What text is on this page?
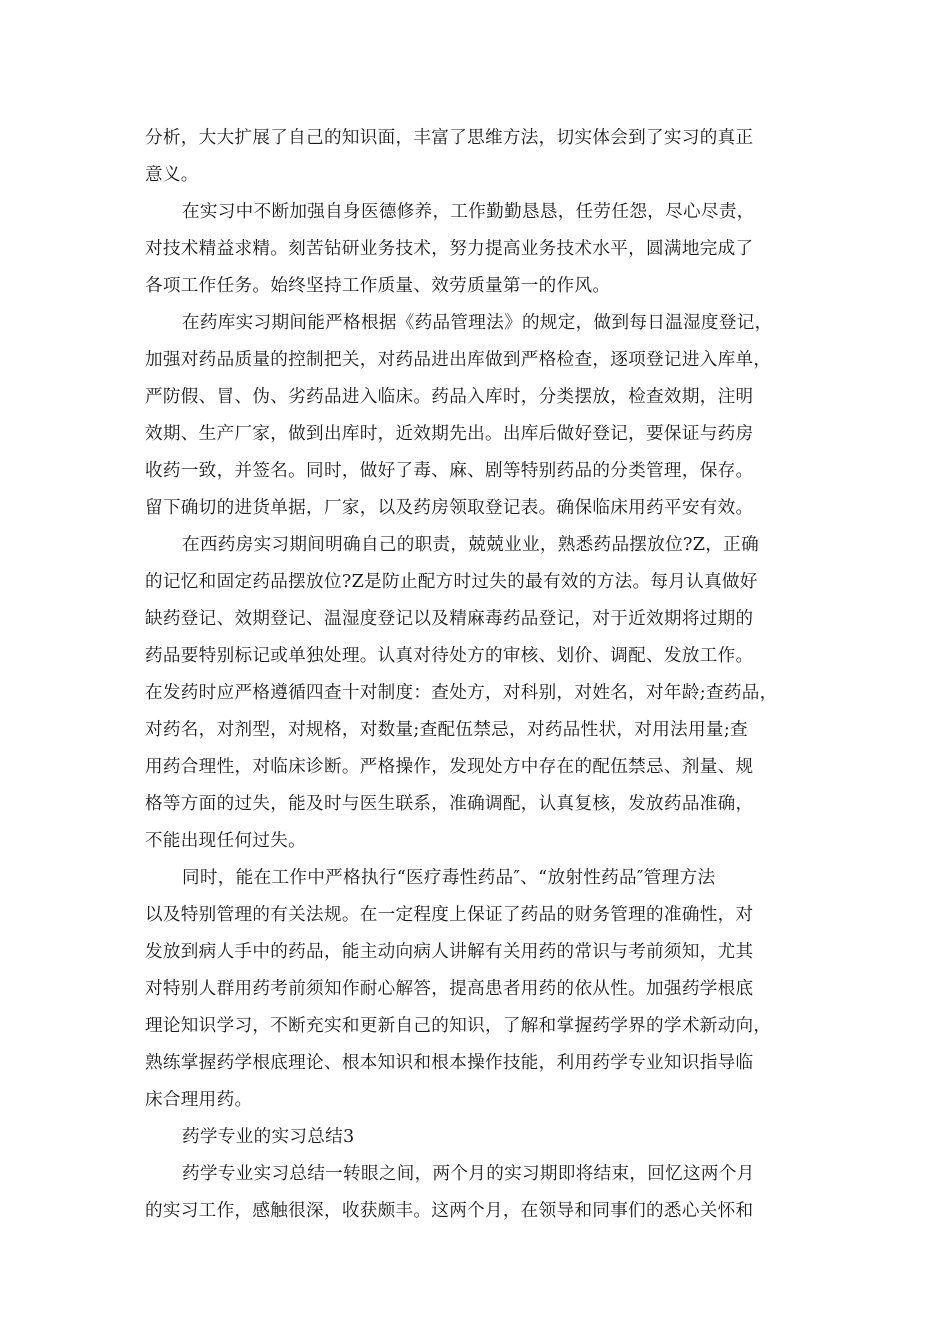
分析，大大扩展了自己的知识面，丰富了思维方法，切实体会到了实习的真正
意义。
在实习中不断加强自身医德修养，工作勤勤恳恳，任劳任怨，尽心尽责，
对技术精益求精。刻苦钻研业务技术，努力提高业务技术水平，圆满地完成了
各项工作任务。始终坚持工作质量、效劳质量第一的作风。
在药库实习期间能严格根据《药品管理法》的规定，做到每日温湿度登记，
加强对药品质量的控制把关，对药品进出库做到严格检查，逐项登记进入库单，
严防假、冒、伪、劣药品进入临床。药品入库时，分类摆放，检查效期，注明
效期、生产厂家，做到出库时，近效期先出。出库后做好登记，要保证与药房
收药一致，并签名。同时，做好了毒、麻、剧等特别药品的分类管理，保存。
留下确切的进货单据，厂家，以及药房领取登记表。确保临床用药平安有效。
在西药房实习期间明确自己的职责，兢兢业业，熟悉药品摆放位?Z，正确
的记忆和固定药品摆放位?Z是防止配方时过失的最有效的方法。每月认真做好
缺药登记、效期登记、温湿度登记以及精麻毒药品登记，对于近效期将过期的
药品要特别标记或单独处理。认真对待处方的审核、划价、调配、发放工作。
在发药时应严格遵循四查十对制度：查处方，对科别，对姓名，对年龄;查药品，
对药名，对剂型，对规格，对数量;查配伍禁忌，对药品性状，对用法用量;查
用药合理性，对临床诊断。严格操作，发现处方中存在的配伍禁忌、剂量、规
格等方面的过失，能及时与医生联系，准确调配，认真复核，发放药品准确，
不能出现任何过失。
同时，能在工作中严格执行“医疗毒性药品″、“放射性药品″管理方法
以及特别管理的有关法规。在一定程度上保证了药品的财务管理的准确性，对
发放到病人手中的药品，能主动向病人讲解有关用药的常识与考前须知，尤其
对特别人群用药考前须知作耐心解答，提高患者用药的依从性。加强药学根底
理论知识学习，不断充实和更新自己的知识，了解和掌握药学界的学术新动向，
熟练掌握药学根底理论、根本知识和根本操作技能，利用药学专业知识指导临
床合理用药。
药学专业的实习总结3
药学专业实习总结一转眼之间，两个月的实习期即将结束，回忆这两个月
的实习工作，感触很深，收获颇丰。这两个月，在领导和同事们的悉心关怀和
